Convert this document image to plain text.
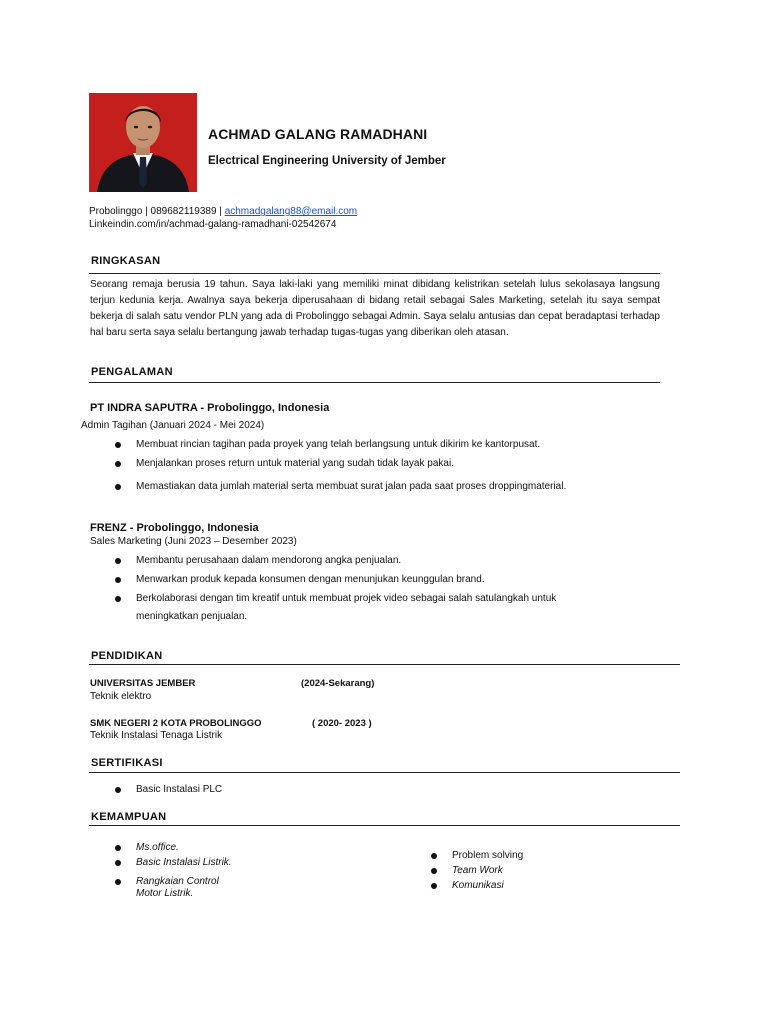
ACHMAD GALANG RAMADHANI
Electrical Engineering University of Jember
Probolinggo | 089682119389 | achmadgalang88@email.com
Linkeindin.com/in/achmad-galang-ramadhani-02542674
RINGKASAN
Seorang remaja berusia 19 tahun. Saya laki-laki yang memiliki minat dibidang kelistrikan setelah lulus sekolasaya langsung terjun kedunia kerja. Awalnya saya bekerja diperusahaan di bidang retail sebagai Sales Marketing, setelah itu saya sempat bekerja di salah satu vendor PLN yang ada di Probolinggo sebagai Admin. Saya selalu antusias dan cepat beradaptasi terhadap hal baru serta saya selalu bertangung jawab terhadap tugas-tugas yang diberikan oleh atasan.
PENGALAMAN
PT INDRA SAPUTRA - Probolinggo, Indonesia
Admin Tagihan (Januari 2024 - Mei 2024)
Membuat rincian tagihan pada proyek yang telah berlangsung untuk dikirim ke kantorpusat.
Menjalankan proses return untuk material yang sudah tidak layak pakai.
Memastiakan data jumlah material serta membuat surat jalan pada saat proses droppingmaterial.
FRENZ - Probolinggo, Indonesia
Sales Marketing (Juni 2023 – Desember 2023)
Membantu perusahaan dalam mendorong angka penjualan.
Menwarkan produk kepada konsumen dengan menunjukan keunggulan brand.
Berkolaborasi dengan tim kreatif untuk membuat projek video sebagai salah satulangkah untuk
meningkatkan penjualan.
PENDIDIKAN
UNIVERSITAS JEMBER	(2024-Sekarang)
Teknik elektro
SMK NEGERI 2 KOTA PROBOLINGGO	( 2020- 2023 )
Teknik Instalasi Tenaga Listrik
SERTIFIKASI
Basic Instalasi PLC
KEMAMPUAN
Ms.office.
Basic Instalasi Listrik.
Rangkaian Control
Motor Listrik.
Problem solving
Team Work
Komunikasi
